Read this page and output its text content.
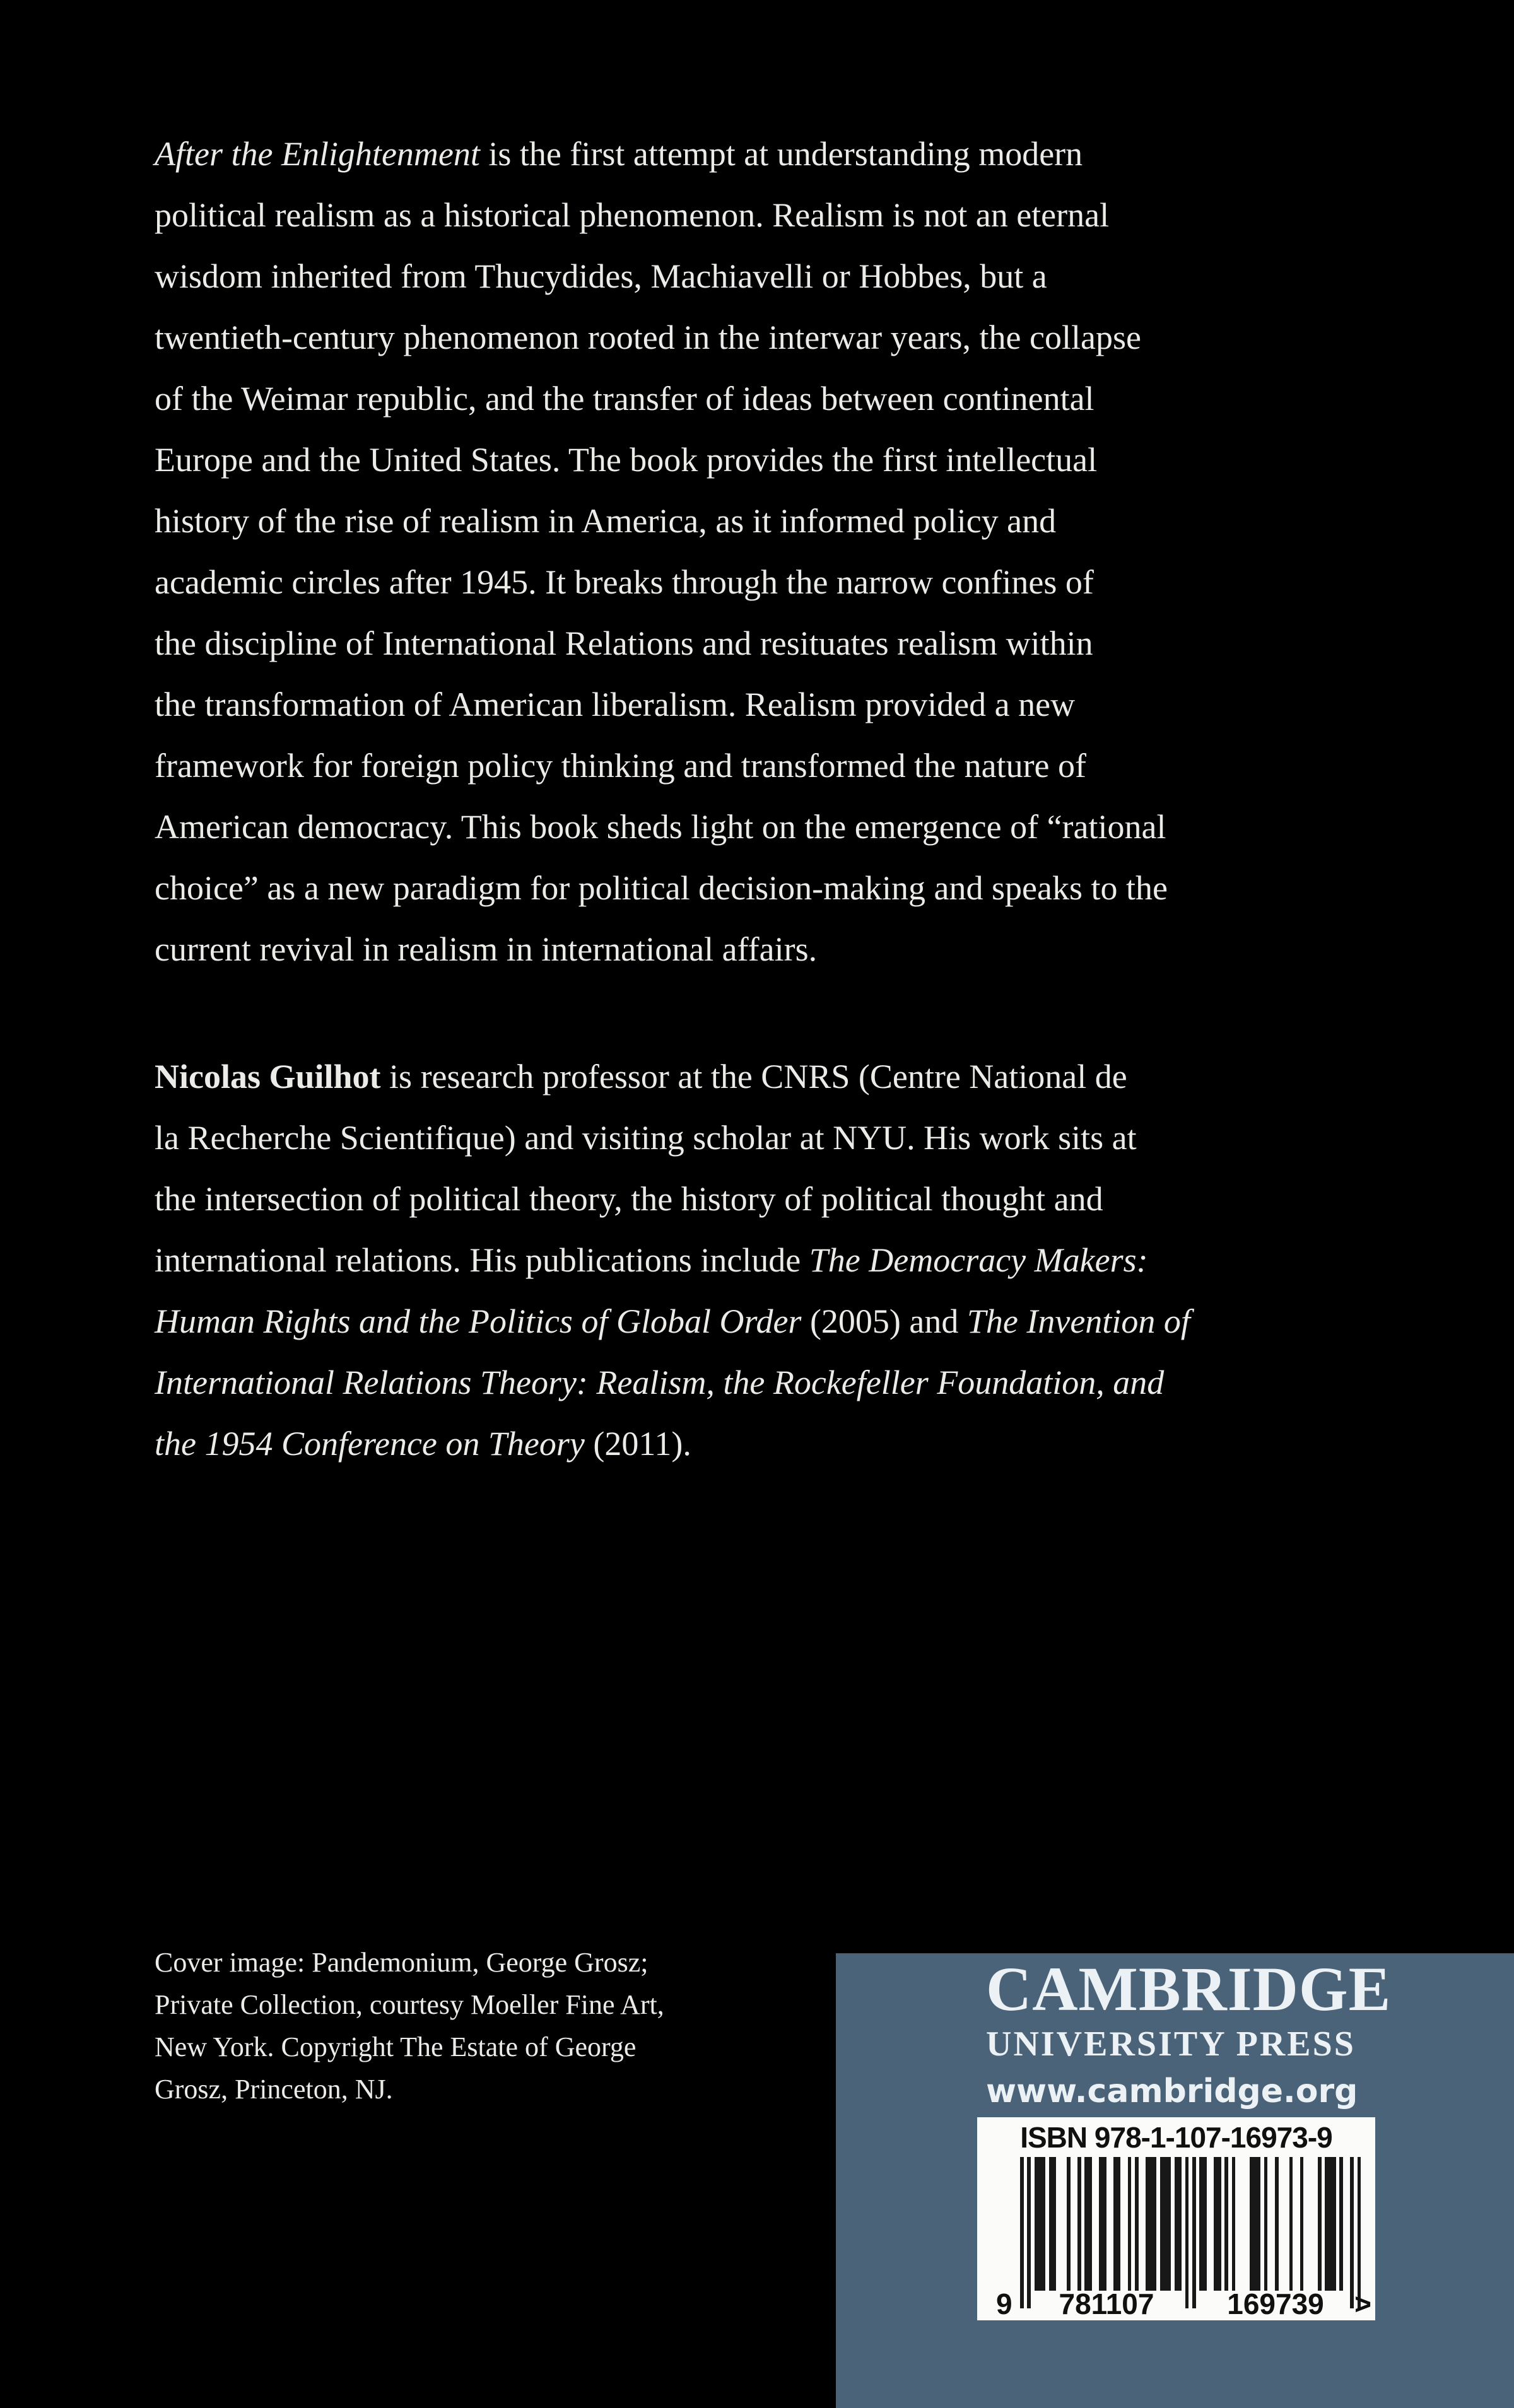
After the Enlightenment is the first attempt at understanding modern
political realism as a historical phenomenon. Realism is not an eternal
wisdom inherited from Thucydides, Machiavelli or Hobbes, but a
twentieth-century phenomenon rooted in the interwar years, the collapse
of the Weimar republic, and the transfer of ideas between continental
Europe and the United States. The book provides the first intellectual
history of the rise of realism in America, as it informed policy and
academic circles after 1945. It breaks through the narrow confines of
the discipline of International Relations and resituates realism within
the transformation of American liberalism. Realism provided a new
framework for foreign policy thinking and transformed the nature of
American democracy. This book sheds light on the emergence of “rational
choice” as a new paradigm for political decision-making and speaks to the
current revival in realism in international affairs.
Nicolas Guilhot is research professor at the CNRS (Centre National de
la Recherche Scientifique) and visiting scholar at NYU. His work sits at
the intersection of political theory, the history of political thought and
international relations. His publications include The Democracy Makers:
Human Rights and the Politics of Global Order (2005) and The Invention of
International Relations Theory: Realism, the Rockefeller Foundation, and
the 1954 Conference on Theory (2011).
Cover image: Pandemonium, George Grosz;
Private Collection, courtesy Moeller Fine Art,
New York. Copyright The Estate of George
Grosz, Princeton, NJ.
CAMBRIDGE
UNIVERSITY PRESS
www.cambridge.org
ISBN 978-1-107-16973-9
9	781107	169739	>
